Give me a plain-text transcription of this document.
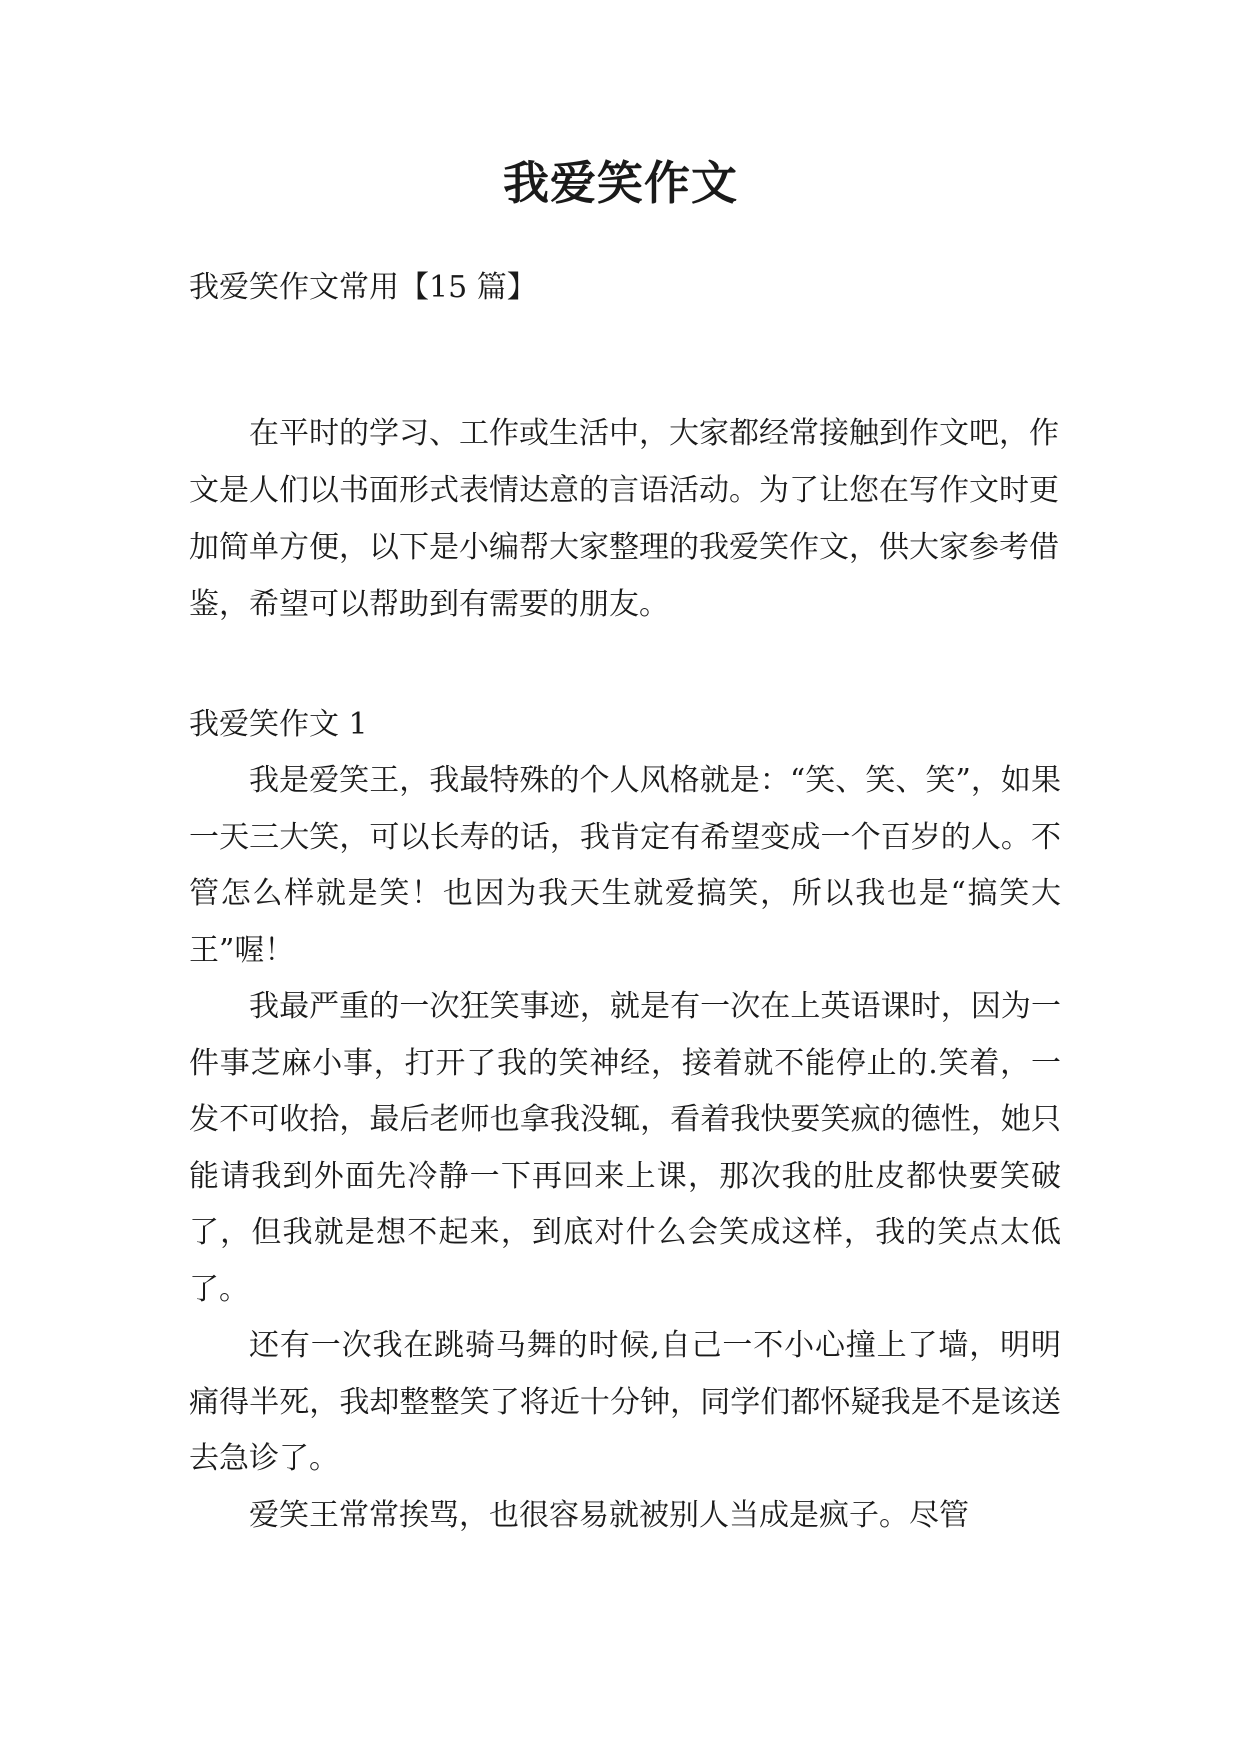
我爱笑作文
我爱笑作文常用【15 篇】

在平时的学习、工作或生活中，大家都经常接触到作文吧，作文是人们以书面形式表情达意的言语活动。为了让您在写作文时更加简单方便，以下是小编帮大家整理的我爱笑作文，供大家参考借鉴，希望可以帮助到有需要的朋友。

我爱笑作文 1

我是爱笑王，我最特殊的个人风格就是：“笑、笑、笑”，如果一天三大笑，可以长寿的话，我肯定有希望变成一个百岁的人。不管怎么样就是笑！也因为我天生就爱搞笑，所以我也是“搞笑大王”喔！

我最严重的一次狂笑事迹，就是有一次在上英语课时，因为一件事芝麻小事，打开了我的笑神经，接着就不能停止的.笑着，一发不可收拾，最后老师也拿我没辄，看着我快要笑疯的德性，她只能请我到外面先冷静一下再回来上课，那次我的肚皮都快要笑破了，但我就是想不起来，到底对什么会笑成这样，我的笑点太低了。

还有一次我在跳骑马舞的时候,自己一不小心撞上了墙，明明痛得半死，我却整整笑了将近十分钟，同学们都怀疑我是不是该送去急诊了。

爱笑王常常挨骂，也很容易就被别人当成是疯子。尽管
